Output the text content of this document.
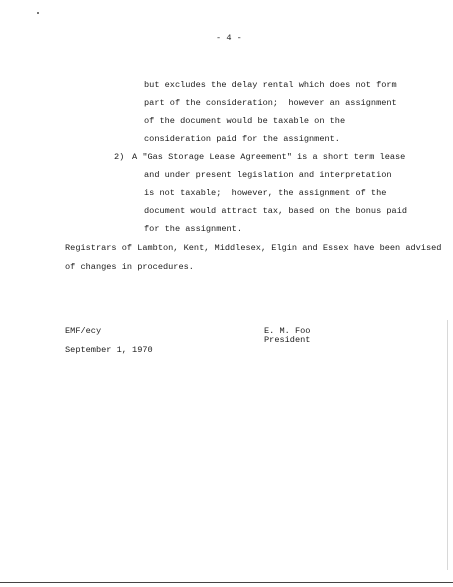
- 4 -
but excludes the delay rental which does not form
part of the consideration;  however an assignment
of the document would be taxable on the
consideration paid for the assignment.
2) A "Gas Storage Lease Agreement" is a short term lease
and under present legislation and interpretation
is not taxable;  however, the assignment of the
document would attract tax, based on the bonus paid
for the assignment.
Registrars of Lambton, Kent, Middlesex, Elgin and Essex have been advised
of changes in procedures.
EMF/ecy
September 1, 1970
E. M. Foo
President
